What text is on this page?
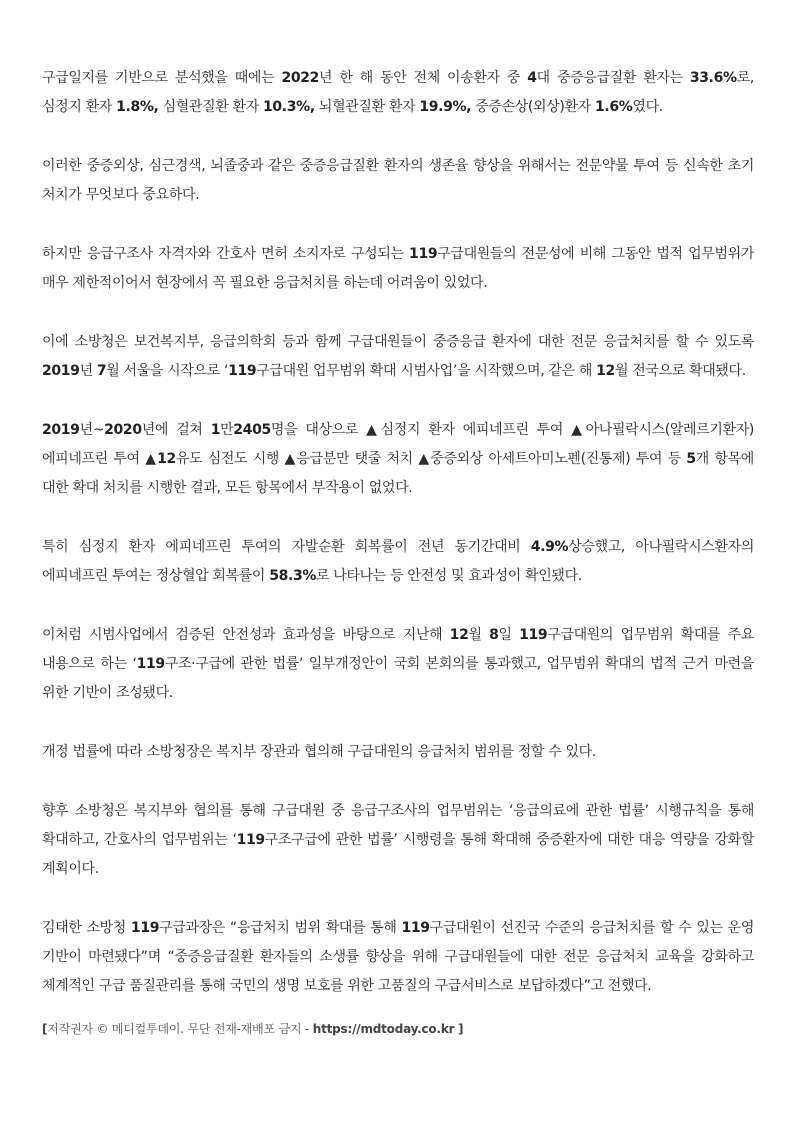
구급일지를 기반으로 분석했을 때에는 2022년 한 해 동안 전체 이송환자 중 4대 중증응급질환 환자는 33.6%로, 심정지 환자 1.8%, 심혈관질환 환자 10.3%, 뇌혈관질환 환자 19.9%, 중증손상(외상)환자 1.6%였다.

이러한 중증외상, 심근경색, 뇌졸중과 같은 중증응급질환 환자의 생존율 향상을 위해서는 전문약물 투여 등 신속한 초기 처치가 무엇보다 중요하다.

하지만 응급구조사 자격자와 간호사 면허 소지자로 구성되는 119구급대원들의 전문성에 비해 그동안 법적 업무범위가 매우 제한적이어서 현장에서 꼭 필요한 응급처치를 하는데 어려움이 있었다.

이에 소방청은 보건복지부, 응급의학회 등과 함께 구급대원들이 중증응급 환자에 대한 전문 응급처치를 할 수 있도록 2019년 7월 서울을 시작으로 ‘119구급대원 업무범위 확대 시범사업’을 시작했으며, 같은 해 12월 전국으로 확대됐다.

2019년~2020년에 걸쳐 1만2405명을 대상으로 ▲심정지 환자 에피네프린 투여 ▲아나필락시스(알레르기환자) 에피네프린 투여 ▲12유도 심전도 시행 ▲응급분만 탯줄 처치 ▲중증외상 아세트아미노펜(진통제) 투여 등 5개 항목에 대한 확대 처치를 시행한 결과, 모든 항목에서 부작용이 없었다.

특히 심정지 환자 에피네프린 투여의 자발순환 회복률이 전년 동기간대비 4.9%상승했고, 아나필락시스환자의 에피네프린 투여는 정상혈압 회복률이 58.3%로 나타나는 등 안전성 및 효과성이 확인됐다.

이처럼 시범사업에서 검증된 안전성과 효과성을 바탕으로 지난해 12월 8일 119구급대원의 업무범위 확대를 주요 내용으로 하는 ‘119구조·구급에 관한 법률’ 일부개정안이 국회 본회의를 통과했고, 업무범위 확대의 법적 근거 마련을 위한 기반이 조성됐다.

개정 법률에 따라 소방청장은 복지부 장관과 협의해 구급대원의 응급처치 범위를 정할 수 있다.

향후 소방청은 복지부와 협의를 통해 구급대원 중 응급구조사의 업무범위는 ‘응급의료에 관한 법률’ 시행규칙을 통해 확대하고, 간호사의 업무범위는 ‘119구조구급에 관한 법률’ 시행령을 통해 확대해 중증환자에 대한 대응 역량을 강화할 계획이다.

김태한 소방청 119구급과장은 “응급처치 범위 확대를 통해 119구급대원이 선진국 수준의 응급처치를 할 수 있는 운영 기반이 마련됐다”며 “중증응급질환 환자들의 소생률 향상을 위해 구급대원들에 대한 전문 응급처치 교육을 강화하고 체계적인 구급 품질관리를 통해 국민의 생명 보호를 위한 고품질의 구급서비스로 보답하겠다”고 전했다.

[저작권자 © 메디컬투데이. 무단 전재-재배포 금지 - https://mdtoday.co.kr ]
